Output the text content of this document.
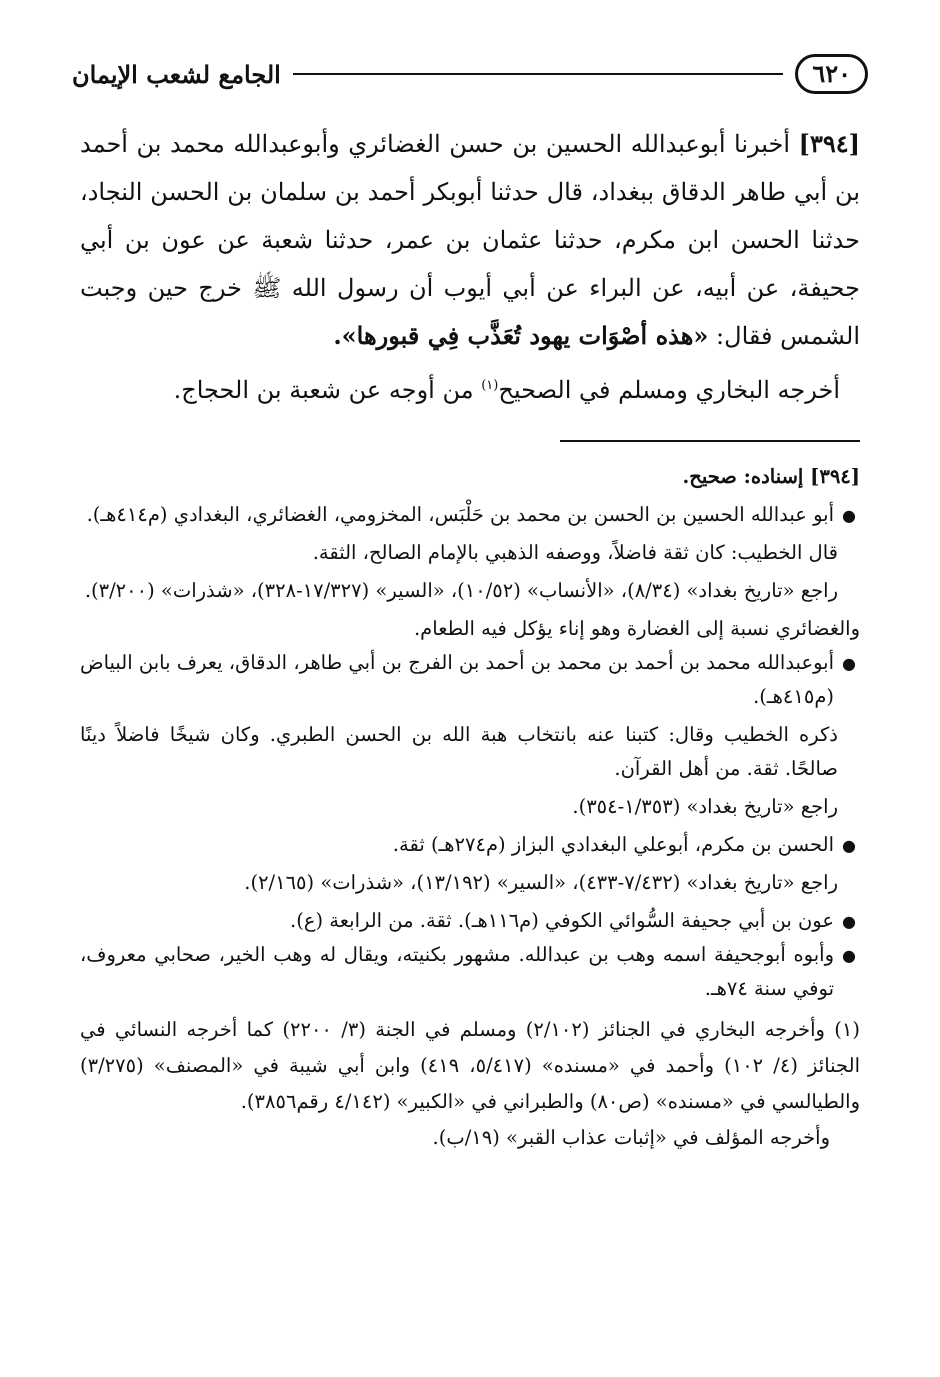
٦٢٠
الجامع لشعب الإيمان

[٣٩٤] أخبرنا أبوعبدالله الحسين بن حسن الغضائري وأبوعبدالله محمد بن أحمد بن أبي طاهر الدقاق ببغداد، قال حدثنا أبوبكر أحمد بن سلمان بن الحسن النجاد، حدثنا الحسن ابن مكرم، حدثنا عثمان بن عمر، حدثنا شعبة عن عون بن أبي جحيفة، عن أبيه، عن البراء عن أبي أيوب أن رسول الله ﷺ خرج حين وجبت الشمس فقال: «هذه أصْوَات يهود تُعَذَّب فِي قبورها».

أخرجه البخاري ومسلم في الصحيح$^{(١)}$ من أوجه عن شعبة بن الحجاج.

[٣٩٤] إسناده: صحيح.

●
أبو عبدالله الحسين بن الحسن بن محمد بن حَلْبَس، المخزومي، الغضائري، البغدادي (م٤١٤هـ).

قال الخطيب: كان ثقة فاضلاً، ووصفه الذهبي بالإمام الصالح، الثقة.

راجع «تاريخ بغداد» (٨/٣٤)، «الأنساب» (١٠/٥٢)، «السير» (١٧/٣٢٧-٣٢٨)، «شذرات» (٣/٢٠٠).

والغضائري نسبة إلى الغضارة وهو إناء يؤكل فيه الطعام.

●
أبوعبدالله محمد بن أحمد بن محمد بن أحمد بن الفرج بن أبي طاهر، الدقاق، يعرف بابن البياض (م٤١٥هـ).

ذكره الخطيب وقال: كتبنا عنه بانتخاب هبة الله بن الحسن الطبري. وكان شيخًا فاضلاً دينًا صالحًا. ثقة. من أهل القرآن.

راجع «تاريخ بغداد» (١/٣٥٣-٣٥٤).

●
الحسن بن مكرم، أبوعلي البغدادي البزاز (م٢٧٤هـ) ثقة.

راجع «تاريخ بغداد» (٧/٤٣٢-٤٣٣)، «السير» (١٣/١٩٢)، «شذرات» (٢/١٦٥).

●
عون بن أبي جحيفة السُّوائي الكوفي (م١١٦هـ). ثقة. من الرابعة (ع).

●
وأبوه أبوجحيفة اسمه وهب بن عبدالله. مشهور بكنيته، ويقال له وهب الخير، صحابي معروف، توفي سنة ٧٤هـ.

(١) وأخرجه البخاري في الجنائز (٢/١٠٢) ومسلم في الجنة (٣/ ٢٢٠٠) كما أخرجه النسائي في الجنائز (٤/ ١٠٢) وأحمد في «مسنده» (٥/٤١٧، ٤١٩) وابن أبي شيبة في «المصنف» (٣/٢٧٥) والطيالسي في «مسنده» (ص٨٠) والطبراني في «الكبير» (٤/١٤٢ رقم٣٨٥٦).

وأخرجه المؤلف في «إثبات عذاب القبر» (١٩/ب).
